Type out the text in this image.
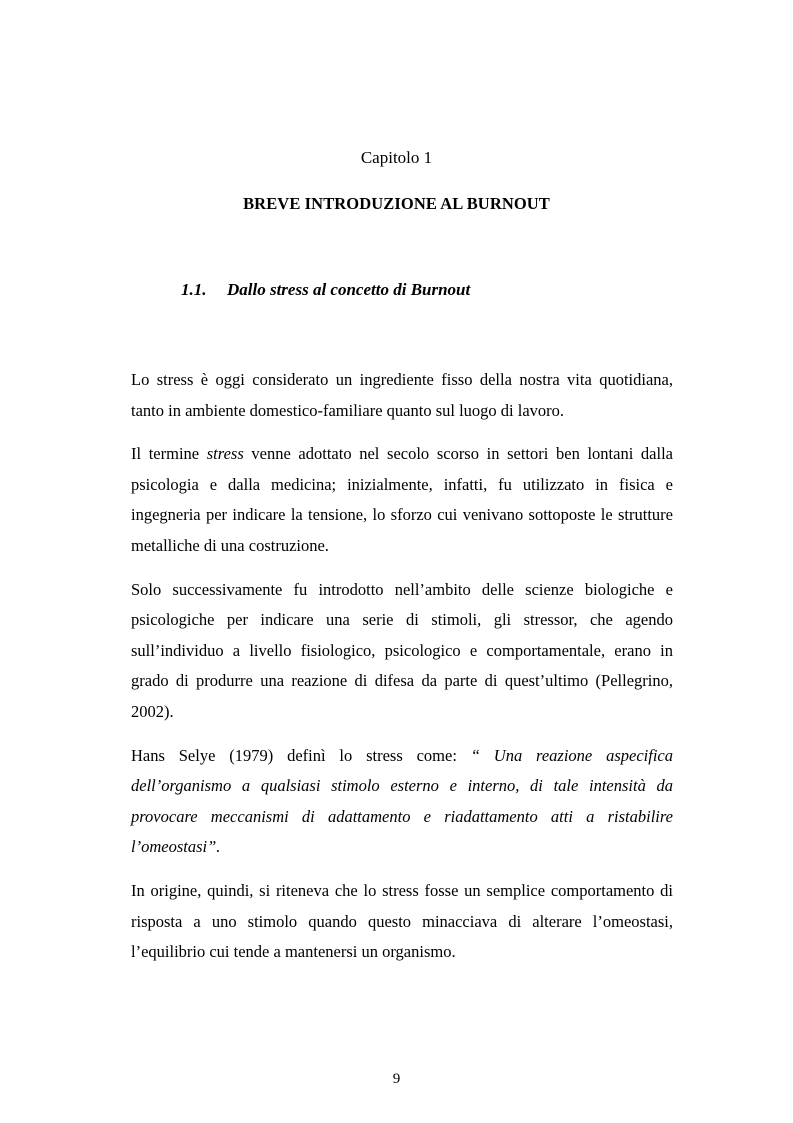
Capitolo 1
BREVE INTRODUZIONE AL BURNOUT
1.1. Dallo stress al concetto di Burnout

Lo stress è oggi considerato un ingrediente fisso della nostra vita quotidiana, tanto in ambiente domestico-familiare quanto sul luogo di lavoro.

Il termine stress venne adottato nel secolo scorso in settori ben lontani dalla psicologia e dalla medicina; inizialmente, infatti, fu utilizzato in fisica e ingegneria per indicare la tensione, lo sforzo cui venivano sottoposte le strutture metalliche di una costruzione.

Solo successivamente fu introdotto nell’ambito delle scienze biologiche e psicologiche per indicare una serie di stimoli, gli stressor, che agendo sull’individuo a livello fisiologico, psicologico e comportamentale, erano in grado di produrre una reazione di difesa da parte di quest’ultimo (Pellegrino, 2002).

Hans Selye (1979) definì lo stress come: “ Una reazione aspecifica dell’organismo a qualsiasi stimolo esterno e interno, di tale intensità da provocare meccanismi di adattamento e riadattamento atti a ristabilire l’omeostasi”.

In origine, quindi, si riteneva che lo stress fosse un semplice comportamento di risposta a uno stimolo quando questo minacciava di alterare l’omeostasi, l’equilibrio cui tende a mantenersi un organismo.

9
